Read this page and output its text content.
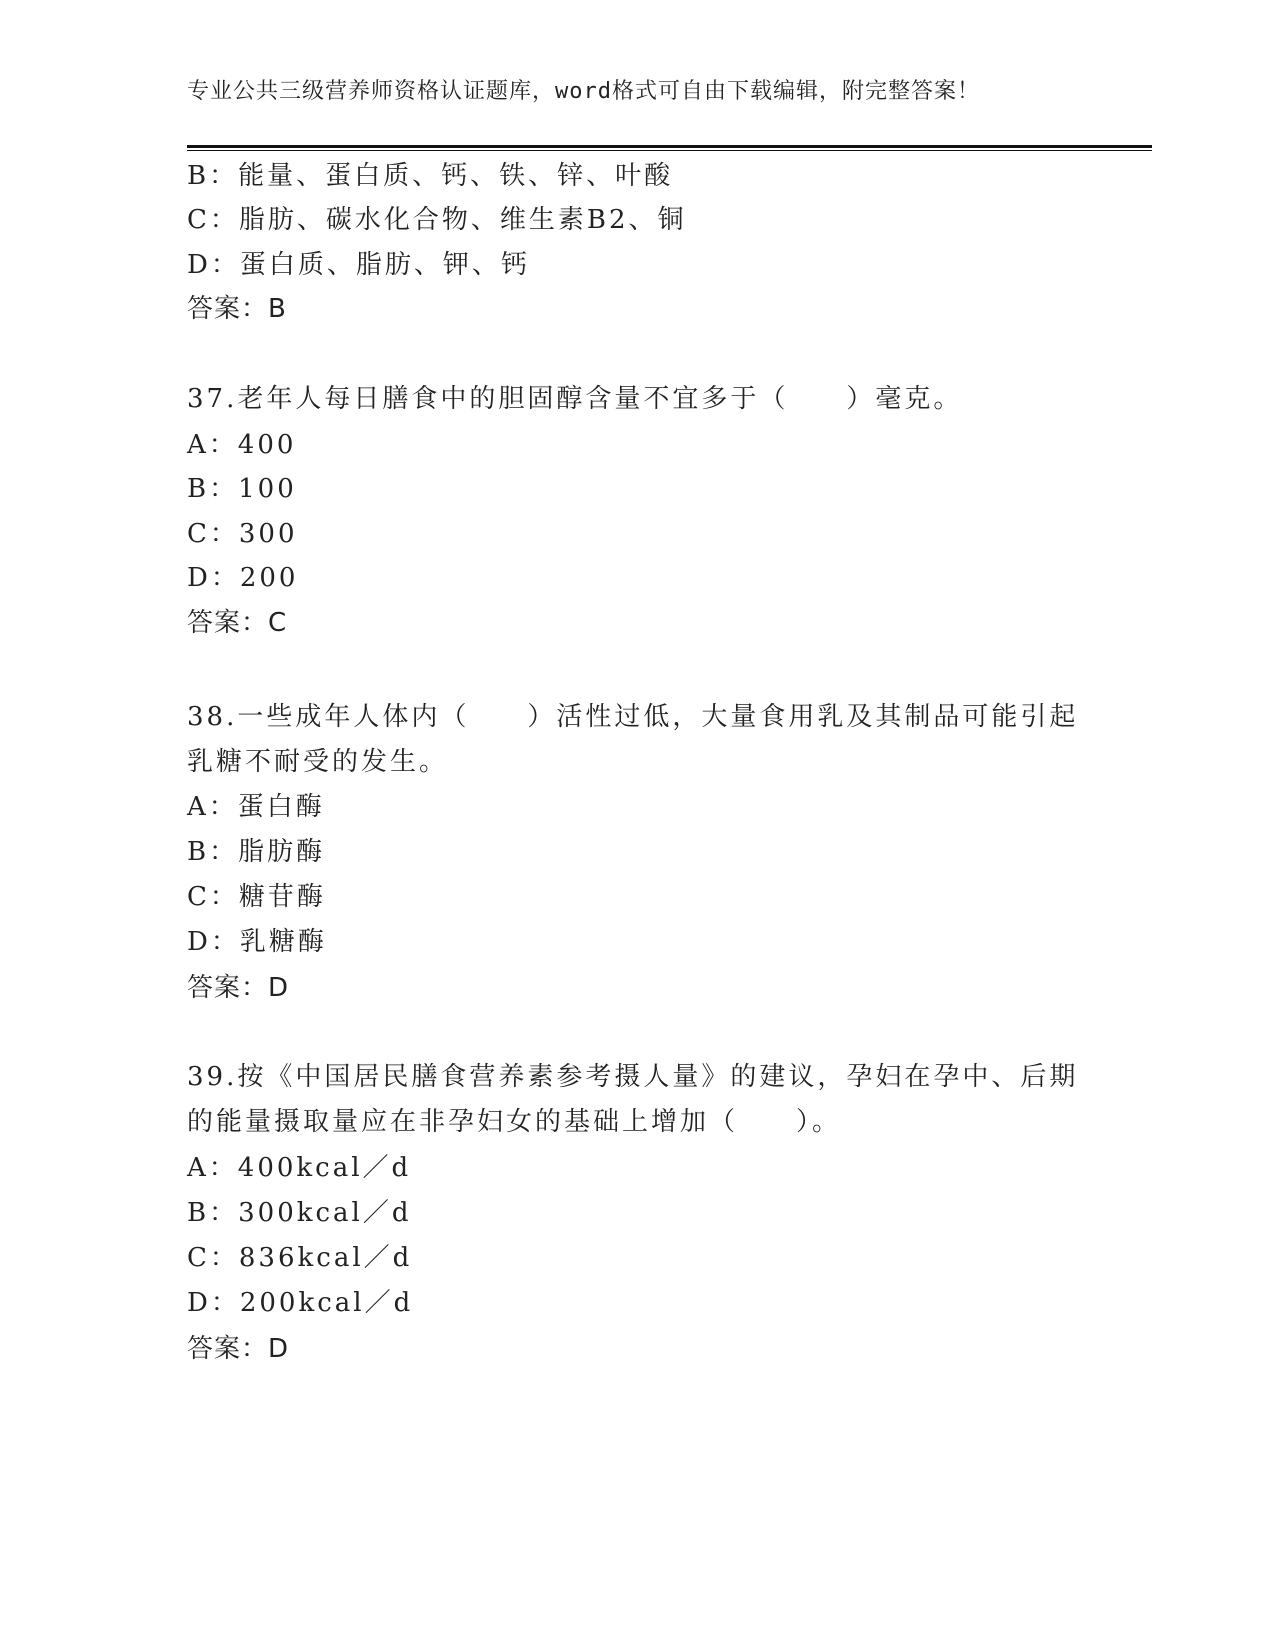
专业公共三级营养师资格认证题库，word格式可自由下载编辑，附完整答案！
B：能量、蛋白质、钙、铁、锌、叶酸
C：脂肪、碳水化合物、维生素B2、铜
D：蛋白质、脂肪、钾、钙
答案：B
37.老年人每日膳食中的胆固醇含量不宜多于（　　）毫克。
A：400
B：100
C：300
D：200
答案：C
38.一些成年人体内（　　）活性过低，大量食用乳及其制品可能引起
乳糖不耐受的发生。
A：蛋白酶
B：脂肪酶
C：糖苷酶
D：乳糖酶
答案：D
39.按《中国居民膳食营养素参考摄人量》的建议，孕妇在孕中、后期
的能量摄取量应在非孕妇女的基础上增加（　　）。
A：400kcal／d
B：300kcal／d
C：836kcal／d
D：200kcal／d
答案：D
